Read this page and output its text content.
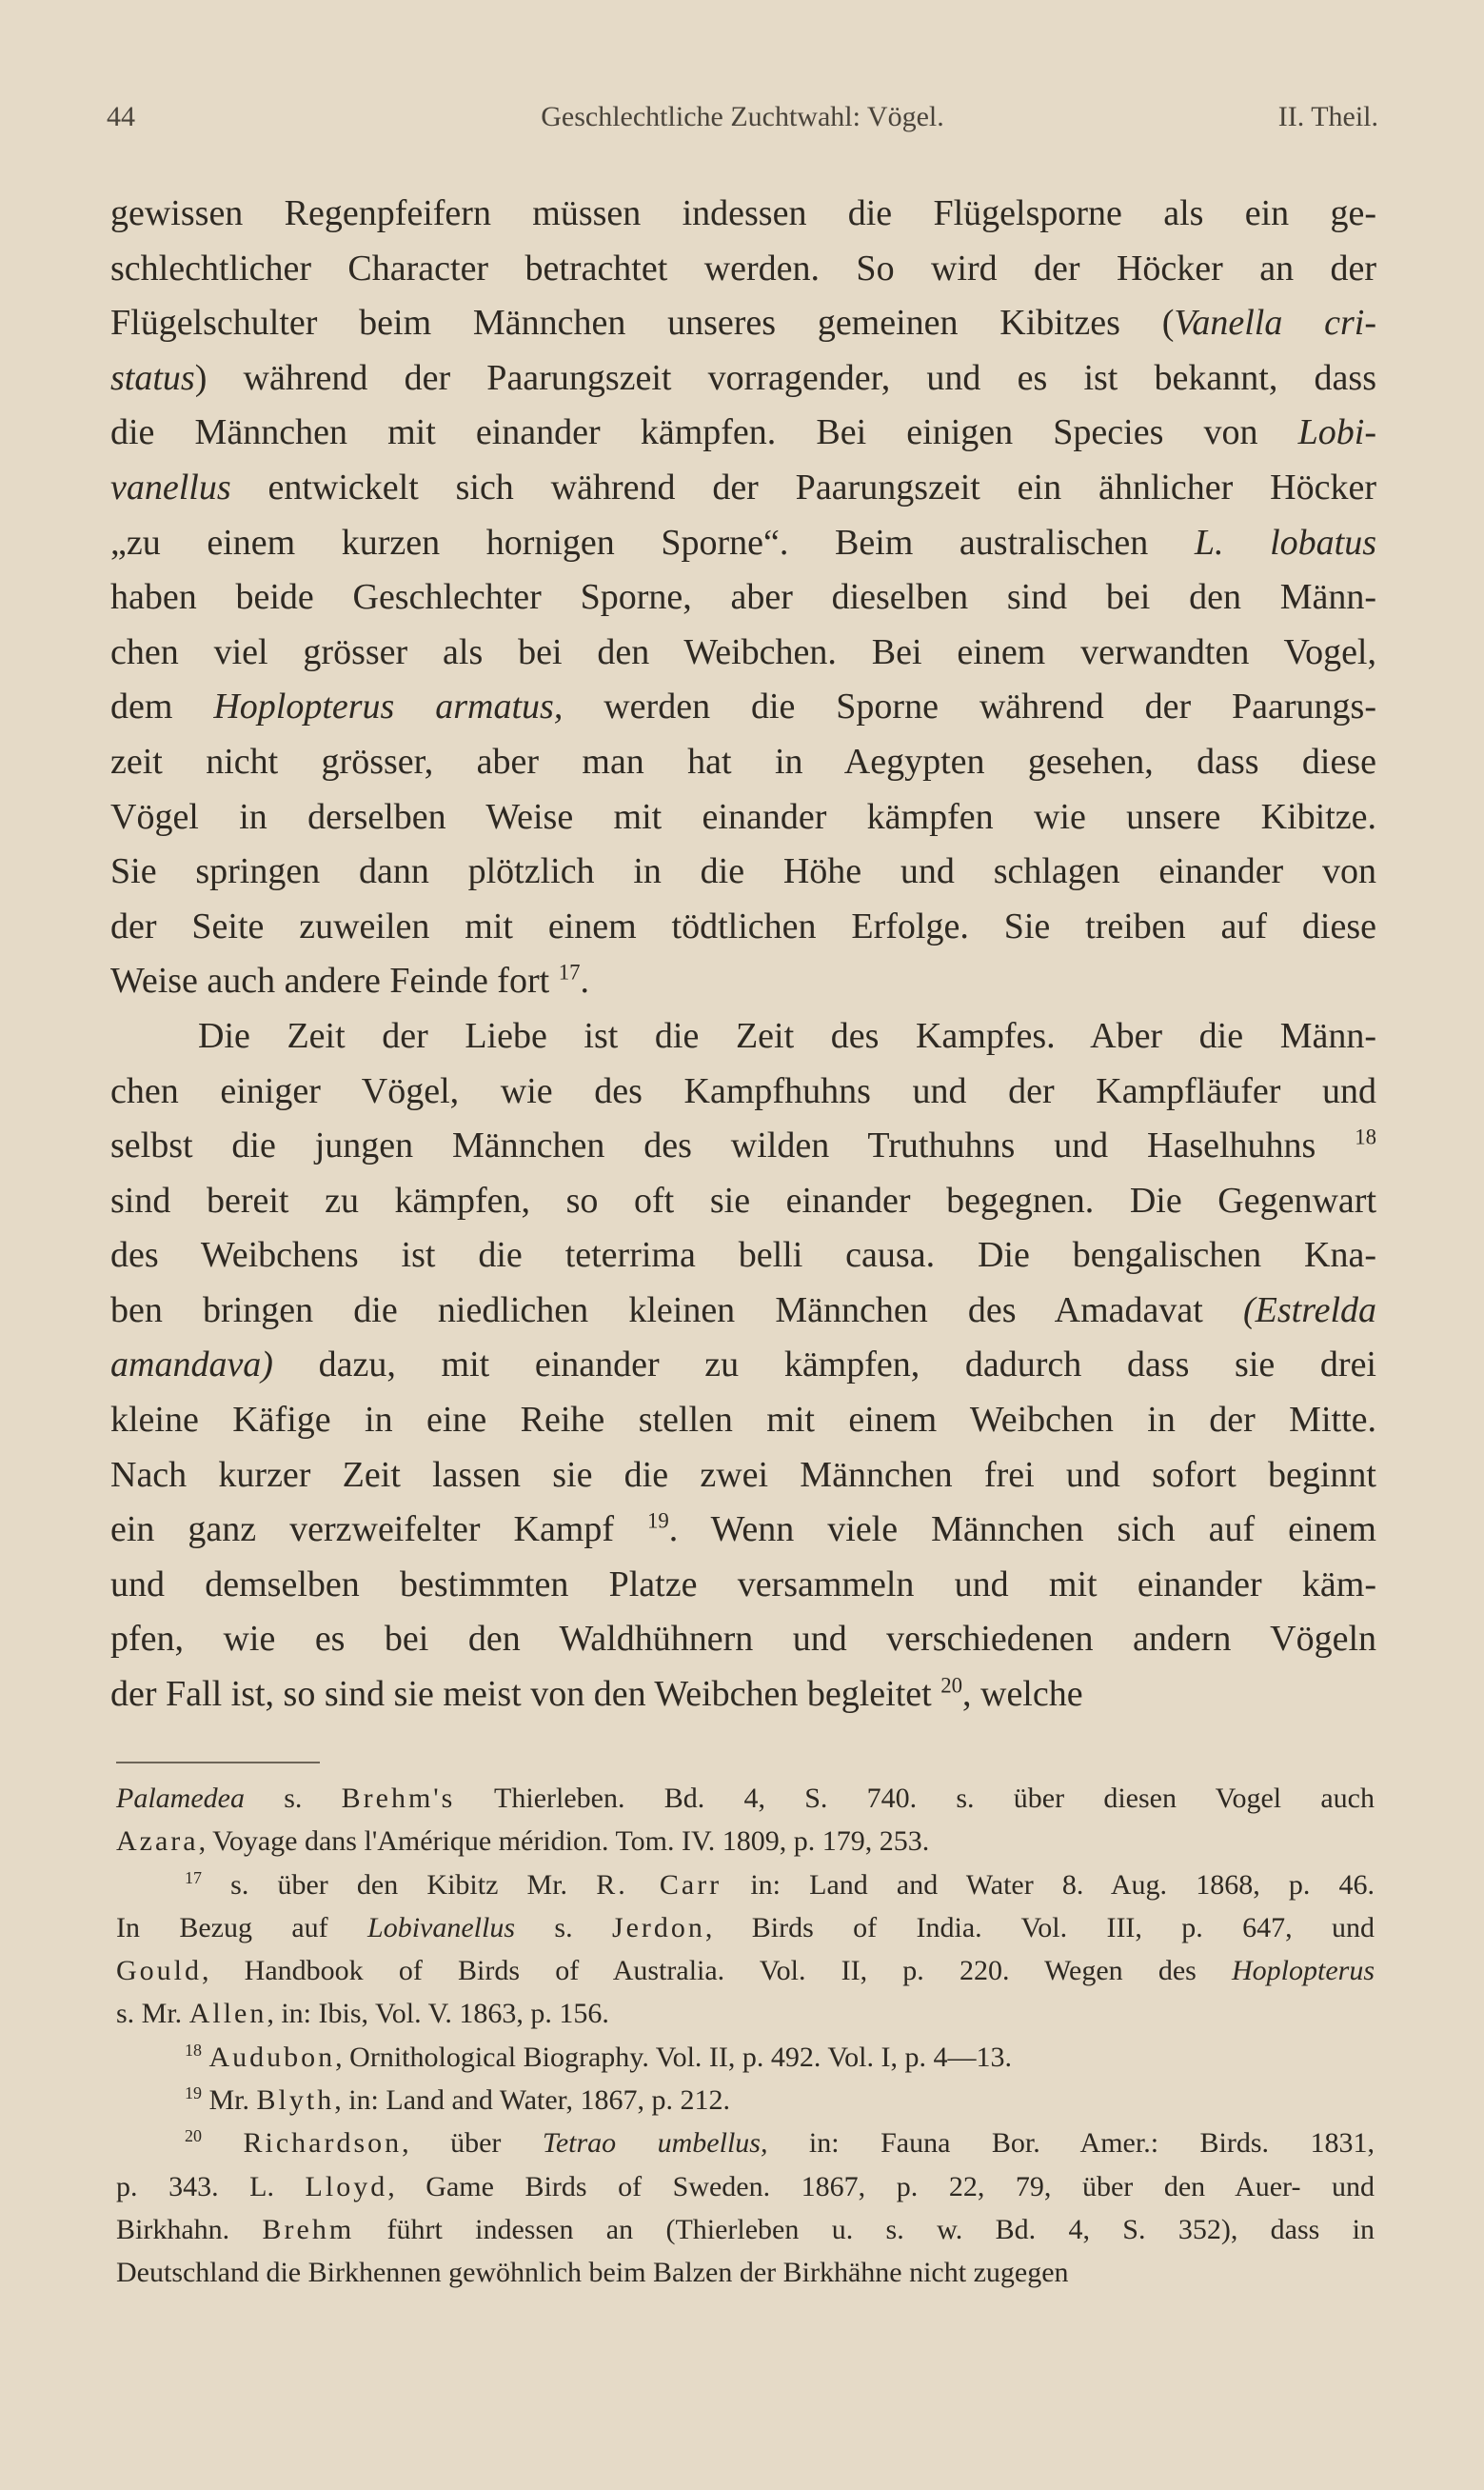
44	Geschlechtliche Zuchtwahl: Vögel.	II. Theil.
gewissen Regenpfeifern müssen indessen die Flügelsporne als ein ge-
schlechtlicher Character betrachtet werden. So wird der Höcker an der
Flügelschulter beim Männchen unseres gemeinen Kibitzes (Vanella cri-
status) während der Paarungszeit vorragender, und es ist bekannt, dass
die Männchen mit einander kämpfen. Bei einigen Species von Lobi-
vanellus entwickelt sich während der Paarungszeit ein ähnlicher Höcker
„zu einem kurzen hornigen Sporne“. Beim australischen L. lobatus
haben beide Geschlechter Sporne, aber dieselben sind bei den Männ-
chen viel grösser als bei den Weibchen. Bei einem verwandten Vogel,
dem Hoplopterus armatus, werden die Sporne während der Paarungs-
zeit nicht grösser, aber man hat in Aegypten gesehen, dass diese
Vögel in derselben Weise mit einander kämpfen wie unsere Kibitze.
Sie springen dann plötzlich in die Höhe und schlagen einander von
der Seite zuweilen mit einem tödtlichen Erfolge. Sie treiben auf diese
Weise auch andere Feinde fort $^{17}$.
Die Zeit der Liebe ist die Zeit des Kampfes. Aber die Männ-
chen einiger Vögel, wie des Kampfhuhns und der Kampfläufer und
selbst die jungen Männchen des wilden Truthuhns und Haselhuhns $^{18}$
sind bereit zu kämpfen, so oft sie einander begegnen. Die Gegenwart
des Weibchens ist die teterrima belli causa. Die bengalischen Kna-
ben bringen die niedlichen kleinen Männchen des Amadavat (Estrelda
amandava) dazu, mit einander zu kämpfen, dadurch dass sie drei
kleine Käfige in eine Reihe stellen mit einem Weibchen in der Mitte.
Nach kurzer Zeit lassen sie die zwei Männchen frei und sofort beginnt
ein ganz verzweifelter Kampf $^{19}$. Wenn viele Männchen sich auf einem
und demselben bestimmten Platze versammeln und mit einander käm-
pfen, wie es bei den Waldhühnern und verschiedenen andern Vögeln
der Fall ist, so sind sie meist von den Weibchen begleitet $^{20}$, welche
Palamedea s. Brehm's Thierleben. Bd. 4, S. 740. s. über diesen Vogel auch
Azara, Voyage dans l'Amérique méridion. Tom. IV. 1809, p. 179, 253.
$^{17}$ s. über den Kibitz Mr. R. Carr in: Land and Water 8. Aug. 1868, p. 46.
In Bezug auf Lobivanellus s. Jerdon, Birds of India. Vol. III, p. 647, und
Gould, Handbook of Birds of Australia. Vol. II, p. 220. Wegen des Hoplopterus
s. Mr. Allen, in: Ibis, Vol. V. 1863, p. 156.
$^{18}$ Audubon, Ornithological Biography. Vol. II, p. 492. Vol. I, p. 4—13.
$^{19}$ Mr. Blyth, in: Land and Water, 1867, p. 212.
$^{20}$ Richardson, über Tetrao umbellus, in: Fauna Bor. Amer.: Birds. 1831,
p. 343. L. Lloyd, Game Birds of Sweden. 1867, p. 22, 79, über den Auer- und
Birkhahn. Brehm führt indessen an (Thierleben u. s. w. Bd. 4, S. 352), dass in
Deutschland die Birkhennen gewöhnlich beim Balzen der Birkhähne nicht zugegen
